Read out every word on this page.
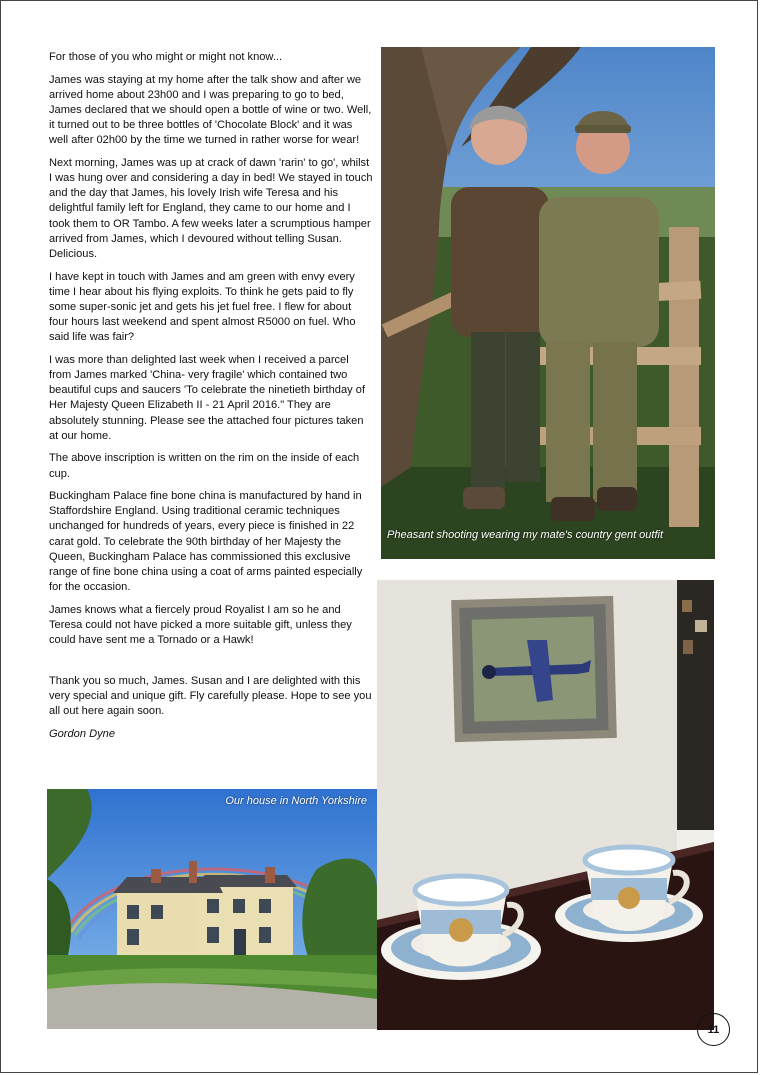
For those of you who might or might not know...

James was staying at my home after the talk show and after we arrived home about 23h00 and I was preparing to go to bed, James declared that we should open a bottle of wine or two. Well, it turned out to be three bottles of 'Chocolate Block' and it was well after 02h00 by the time we turned in rather worse for wear!

Next morning, James was up at crack of dawn 'rarin' to go', whilst I was hung over and considering a day in bed! We stayed in touch and the day that James, his lovely Irish wife Teresa and his delightful family left for England, they came to our home and I took them to OR Tambo. A few weeks later a scrumptious hamper arrived from James, which I devoured without telling Susan. Delicious.

I have kept in touch with James and am green with envy every time I hear about his flying exploits. To think he gets paid to fly some super-sonic jet and gets his jet fuel free. I flew for about four hours last weekend and spent almost R5000 on fuel. Who said life was fair?

I was more than delighted last week when I received a parcel from James marked 'China- very fragile' which contained two beautiful cups and saucers 'To celebrate the ninetieth birthday of Her Majesty Queen Elizabeth II - 21 April 2016." They are absolutely stunning. Please see the attached four pictures taken at our home.

The above inscription is written on the rim on the inside of each cup.

Buckingham Palace fine bone china is manufactured by hand in Staffordshire England. Using traditional ceramic techniques unchanged for hundreds of years, every piece is finished in 22 carat gold. To celebrate the 90th birthday of her Majesty the Queen, Buckingham Palace has commissioned this exclusive range of fine bone china using a coat of arms painted especially for the occasion.

James knows what a fiercely proud Royalist I am so he and Teresa could not have picked a more suitable gift, unless they could have sent me a Tornado or a Hawk!

Thank you so much, James. Susan and I are delighted with this very special and unique gift. Fly carefully please. Hope to see you all out here again soon.

Gordon Dyne

Pheasant shooting wearing my mate's country gent outfit
Our house in North Yorkshire
11
